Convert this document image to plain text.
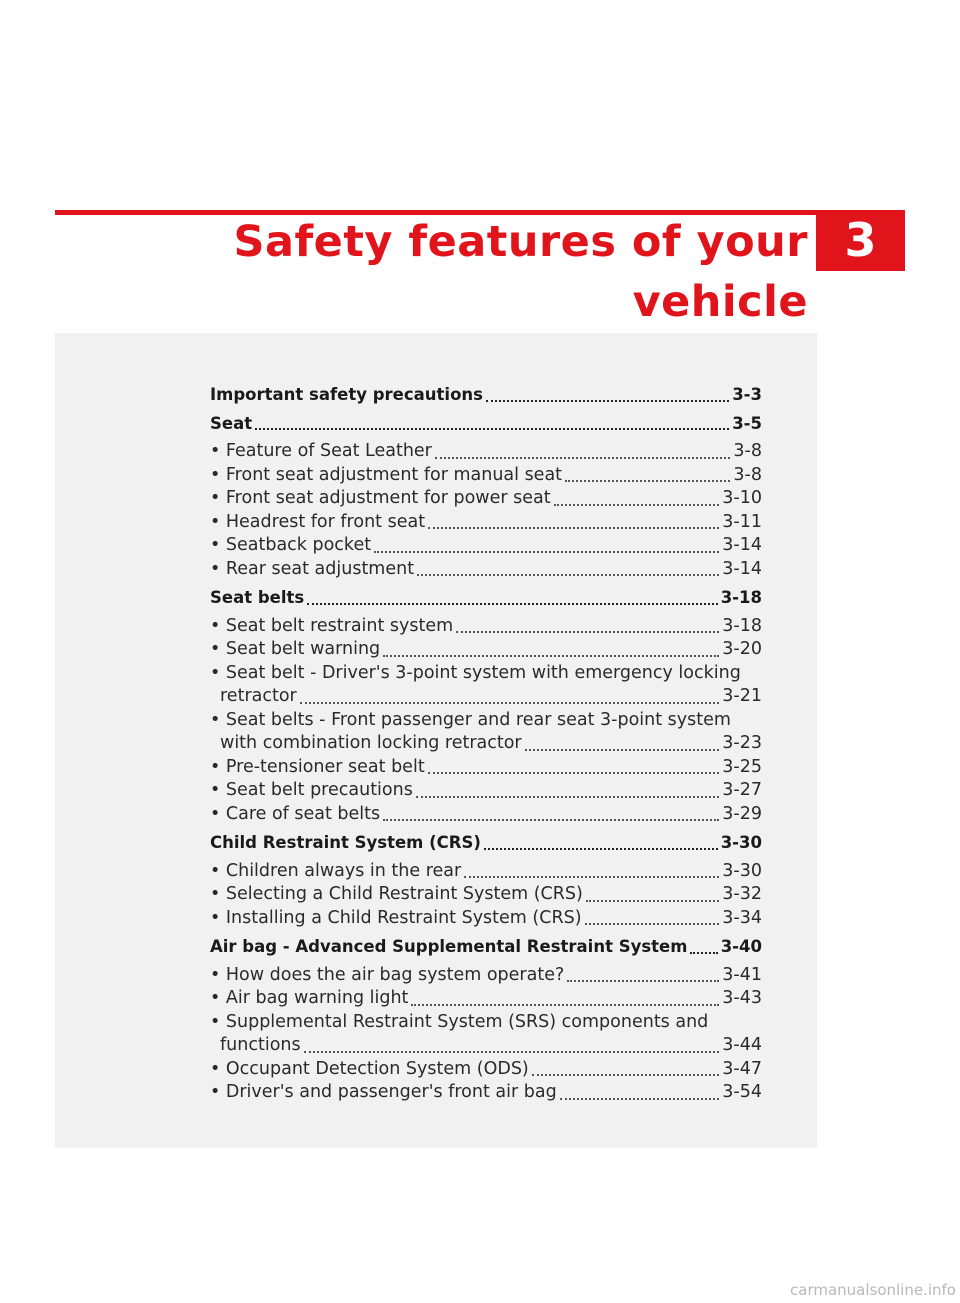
Safety features of your vehicle
3
Important safety precautions	3-3
Seat	3-5
• Feature of Seat Leather	3-8
• Front seat adjustment for manual seat	3-8
• Front seat adjustment for power seat	3-10
• Headrest for front seat	3-11
• Seatback pocket	3-14
• Rear seat adjustment	3-14
Seat belts	3-18
• Seat belt restraint system	3-18
• Seat belt warning	3-20
• Seat belt - Driver's 3-point system with emergency locking
retractor	3-21
• Seat belts - Front passenger and rear seat 3-point system
with combination locking retractor	3-23
• Pre-tensioner seat belt	3-25
• Seat belt precautions	3-27
• Care of seat belts	3-29
Child Restraint System (CRS)	3-30
• Children always in the rear	3-30
• Selecting a Child Restraint System (CRS)	3-32
• Installing a Child Restraint System (CRS)	3-34
Air bag - Advanced Supplemental Restraint System 3-40
• How does the air bag system operate?	3-41
• Air bag warning light	3-43
• Supplemental Restraint System (SRS) components and
functions	3-44
• Occupant Detection System (ODS)	3-47
• Driver's and passenger's front air bag	3-54
carmanualsonline.info
